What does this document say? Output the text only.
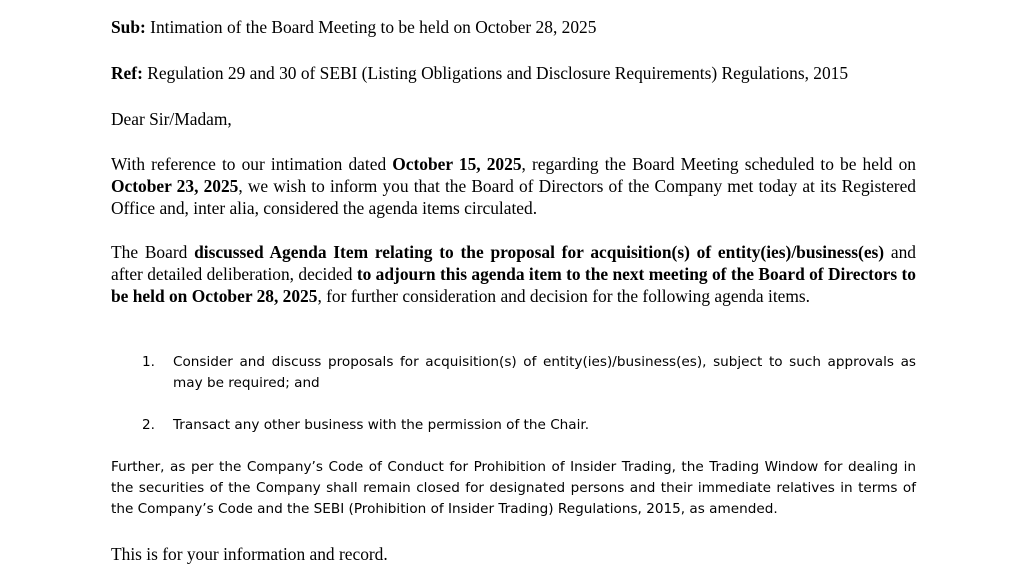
Sub: Intimation of the Board Meeting to be held on October 28, 2025

Ref: Regulation 29 and 30 of SEBI (Listing Obligations and Disclosure Requirements) Regulations, 2015

Dear Sir/Madam,

With reference to our intimation dated October 15, 2025, regarding the Board Meeting scheduled to be held on October 23, 2025, we wish to inform you that the Board of Directors of the Company met today at its Registered Office and, inter alia, considered the agenda items circulated.

The Board discussed Agenda Item relating to the proposal for acquisition(s) of entity(ies)/business(es) and after detailed deliberation, decided to adjourn this agenda item to the next meeting of the Board of Directors to be held on October 28, 2025, for further consideration and decision for the following agenda items.

1. Consider and discuss proposals for acquisition(s) of entity(ies)/business(es), subject to such approvals as may be required; and
2. Transact any other business with the permission of the Chair.

Further, as per the Company’s Code of Conduct for Prohibition of Insider Trading, the Trading Window for dealing in the securities of the Company shall remain closed for designated persons and their immediate relatives in terms of the Company’s Code and the SEBI (Prohibition of Insider Trading) Regulations, 2015, as amended.

This is for your information and record.
